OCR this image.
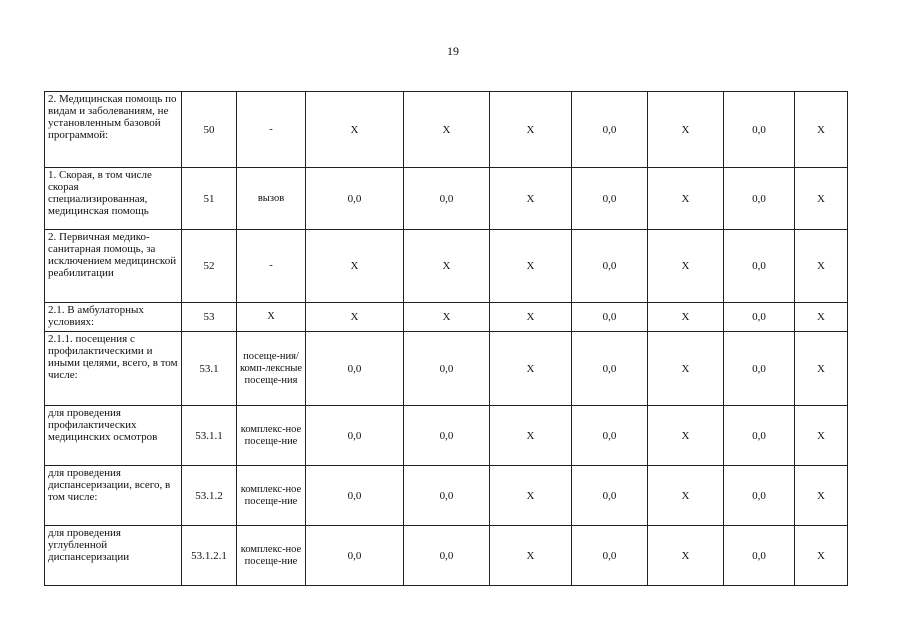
19
2. Медицинская помощь по видам и заболеваниям, не установленным базовой программой:	50	-	X	X	X	0,0	X	0,0	X
1. Скорая, в том числе скорая специализированная, медицинская помощь	51	вызов	0,0	0,0	X	0,0	X	0,0	X
2. Первичная медико-санитарная помощь, за исключением медицинской реабилитации	52	-	X	X	X	0,0	X	0,0	X
2.1. В амбулаторных условиях:	53	X	X	X	X	0,0	X	0,0	X
2.1.1. посещения с профилактическими и иными целями, всего, в том числе:	53.1	посеще-ния/комп-лексные посеще-ния	0,0	0,0	X	0,0	X	0,0	X
для проведения профилактических медицинских осмотров	53.1.1	комплекс-ное посеще-ние	0,0	0,0	X	0,0	X	0,0	X
для проведения диспансеризации, всего, в том числе:	53.1.2	комплекс-ное посеще-ние	0,0	0,0	X	0,0	X	0,0	X
для проведения углубленной диспансеризации	53.1.2.1	комплекс-ное посеще-ние	0,0	0,0	X	0,0	X	0,0	X
